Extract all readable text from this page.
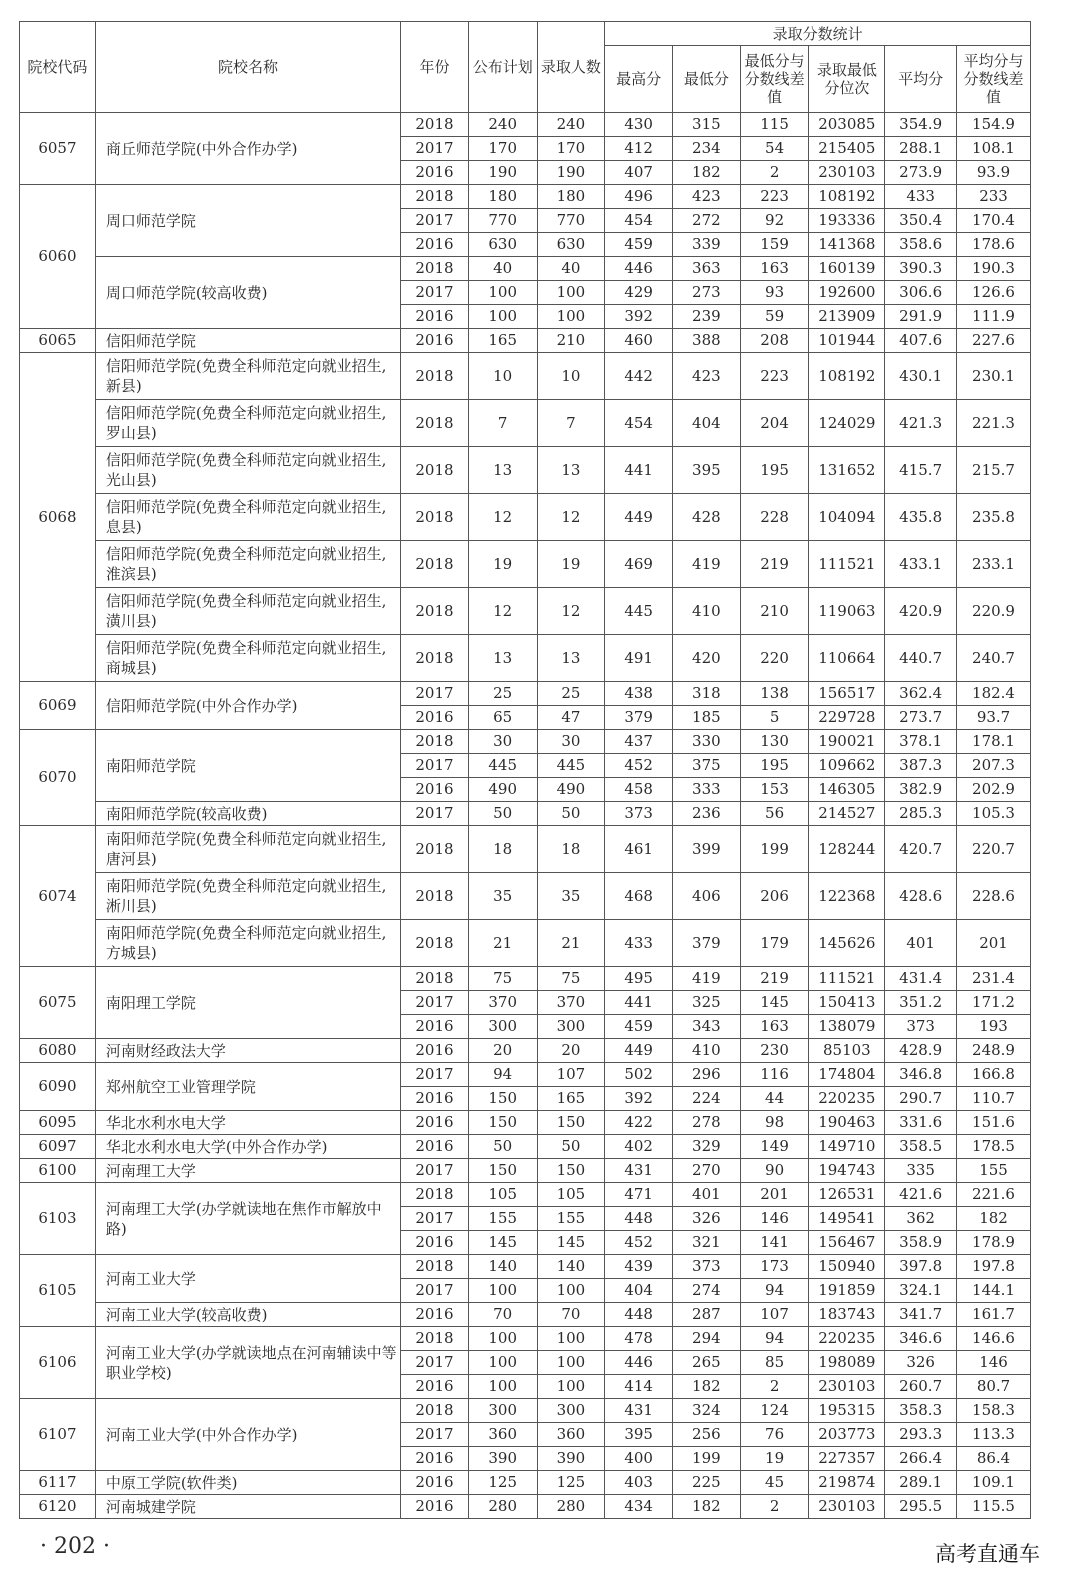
院校代码	院校名称	年份	公布计划	录取人数	录取分数统计					
					最高分	最低分	最低分与分数线差值	录取最低分位次	平均分	平均分与分数线差值
6057	商丘师范学院(中外合作办学)	2018	240	240	430	315	115	203085	354.9	154.9
		2017	170	170	412	234	54	215405	288.1	108.1
		2016	190	190	407	182	2	230103	273.9	93.9
6060	周口师范学院	2018	180	180	496	423	223	108192	433	233
		2017	770	770	454	272	92	193336	350.4	170.4
		2016	630	630	459	339	159	141368	358.6	178.6
	周口师范学院(较高收费)	2018	40	40	446	363	163	160139	390.3	190.3
		2017	100	100	429	273	93	192600	306.6	126.6
		2016	100	100	392	239	59	213909	291.9	111.9
6065	信阳师范学院	2016	165	210	460	388	208	101944	407.6	227.6
6068	信阳师范学院(免费全科师范定向就业招生,新县)	2018	10	10	442	423	223	108192	430.1	230.1
	信阳师范学院(免费全科师范定向就业招生,罗山县)	2018	7	7	454	404	204	124029	421.3	221.3
	信阳师范学院(免费全科师范定向就业招生,光山县)	2018	13	13	441	395	195	131652	415.7	215.7
	信阳师范学院(免费全科师范定向就业招生,息县)	2018	12	12	449	428	228	104094	435.8	235.8
	信阳师范学院(免费全科师范定向就业招生,淮滨县)	2018	19	19	469	419	219	111521	433.1	233.1
	信阳师范学院(免费全科师范定向就业招生,潢川县)	2018	12	12	445	410	210	119063	420.9	220.9
	信阳师范学院(免费全科师范定向就业招生,商城县)	2018	13	13	491	420	220	110664	440.7	240.7
6069	信阳师范学院(中外合作办学)	2017	25	25	438	318	138	156517	362.4	182.4
		2016	65	47	379	185	5	229728	273.7	93.7
6070	南阳师范学院	2018	30	30	437	330	130	190021	378.1	178.1
		2017	445	445	452	375	195	109662	387.3	207.3
		2016	490	490	458	333	153	146305	382.9	202.9
	南阳师范学院(较高收费)	2017	50	50	373	236	56	214527	285.3	105.3
6074	南阳师范学院(免费全科师范定向就业招生,唐河县)	2018	18	18	461	399	199	128244	420.7	220.7
	南阳师范学院(免费全科师范定向就业招生,淅川县)	2018	35	35	468	406	206	122368	428.6	228.6
	南阳师范学院(免费全科师范定向就业招生,方城县)	2018	21	21	433	379	179	145626	401	201
6075	南阳理工学院	2018	75	75	495	419	219	111521	431.4	231.4
		2017	370	370	441	325	145	150413	351.2	171.2
		2016	300	300	459	343	163	138079	373	193
6080	河南财经政法大学	2016	20	20	449	410	230	85103	428.9	248.9
6090	郑州航空工业管理学院	2017	94	107	502	296	116	174804	346.8	166.8
		2016	150	165	392	224	44	220235	290.7	110.7
6095	华北水利水电大学	2016	150	150	422	278	98	190463	331.6	151.6
6097	华北水利水电大学(中外合作办学)	2016	50	50	402	329	149	149710	358.5	178.5
6100	河南理工大学	2017	150	150	431	270	90	194743	335	155
6103	河南理工大学(办学就读地在焦作市解放中路)	2018	105	105	471	401	201	126531	421.6	221.6
		2017	155	155	448	326	146	149541	362	182
		2016	145	145	452	321	141	156467	358.9	178.9
6105	河南工业大学	2018	140	140	439	373	173	150940	397.8	197.8
		2017	100	100	404	274	94	191859	324.1	144.1
	河南工业大学(较高收费)	2016	70	70	448	287	107	183743	341.7	161.7
6106	河南工业大学(办学就读地点在河南辅读中等职业学校)	2018	100	100	478	294	94	220235	346.6	146.6
		2017	100	100	446	265	85	198089	326	146
		2016	100	100	414	182	2	230103	260.7	80.7
6107	河南工业大学(中外合作办学)	2018	300	300	431	324	124	195315	358.3	158.3
		2017	360	360	395	256	76	203773	293.3	113.3
		2016	390	390	400	199	19	227357	266.4	86.4
6117	中原工学院(软件类)	2016	125	125	403	225	45	219874	289.1	109.1
6120	河南城建学院	2016	280	280	434	182	2	230103	295.5	115.5
· 202 ·	高考直通车
